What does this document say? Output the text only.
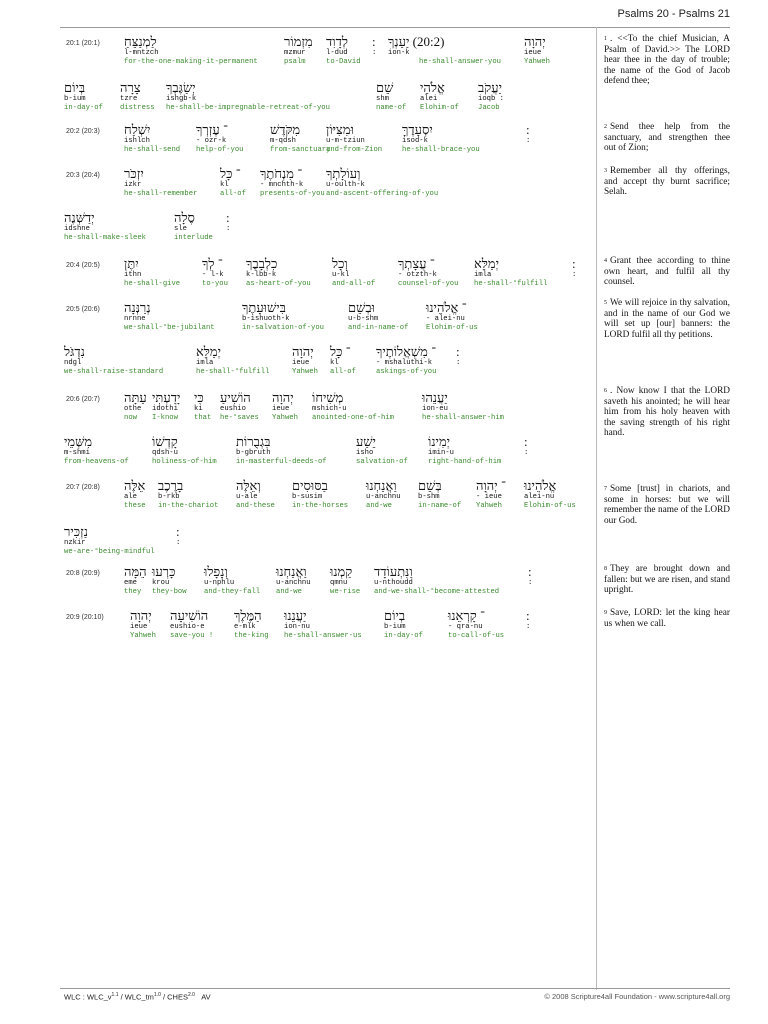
Psalms 20 - Psalms 21
20:1 (20:1) לַמְנַצֵּחַ
l-mntzch
for-the-one-making-it-permanent
מִזְמוֹר
mzmur
psalm
לְדָוִד
l-dud
to-David
:
:
(20:2) יַעַנְךָ
ion-k
he-shall-answer-you
יְהוָה
ieue
Yahweh
בְּיוֹם
b-ium
in-day-of
צָרָה
tzre
distress
יְשַׂגֶּבְךָ
ishgb-k
he-shall-be-impregnable-retreat-of-you
שֵׁם
shm
name-of
אֱלֹהֵי
alei
Elohim-of
יַעֲקֹב
ioqb :
Jacob
20:2 (20:3) יִשְׁלַח
ishlch
he-shall-send
־ עֶזְרְךָ
- ozr-k
help-of-you
מִקֹּדֶשׁ
m-qdsh
from-sanctuary
וּמִצִּיּוֹן
u-m-tziun
and-from-Zion
יִסְעָדֶךָּ
isod-k
he-shall-brace-you
:
:
20:3 (20:4) יִזְכֹּר
izkr
he-shall-remember
־ כָּל
kl
all-of
־ מִנְחֹתֶךָ
- mnchth-k
presents-of-you
וְעוֹלָתְךָ
u-oulth-k
and-ascent-offering-of-you
יְדַשְּׁנֶה
idshne
he-shall-make-sleek
סֶלָה
sle
interlude
:
:
20:4 (20:5) יִתֶּן
ithn
he-shall-give
־ לְךָ
- l-k
to-you
כִלְבָבֶךָ
k-lbb-k
as-heart-of-you
וְכָל
u-kl
and-all-of
־ עֲצָתְךָ
- otzth-k
counsel-of-you
יְמַלֵּא
imla
he-shall-°fulfill
:
:
20:5 (20:6) נְרַנְּנָה
nrnne
we-shall-°be-jubilant
בִּישׁוּעָתֶךָ
b-ishuoth-k
in-salvation-of-you
וּבְשֵׁם
u-b-shm
and-in-name-of
־ אֱלֹהֵינוּ
- alei-nu
Elohim-of-us
נִדְגֹּל
ndgl
we-shall-raise-standard
יְמַלֵּא
imla
he-shall-°fulfill
יְהוָה
ieue
Yahweh
־ כָּל
kl
all-of
־ מִשְׁאֲלוֹתֶיךָ
- mshaluthi-k
askings-of-you
:
:
20:6 (20:7) עַתָּה
othe
now
יָדַעְתִּי
idothi
I-know
כִּי
ki
that
הוֹשִׁיעַ
eushio
he-°saves
יְהוָה
ieue
Yahweh
מְשִׁיחוֹ
mshich-u
anointed-one-of-him
יַעֲנֵהוּ
ion-eu
he-shall-answer-him
מִשְּׁמֵי
m-shmi
from-heavens-of
קָדְשׁוֹ
qdsh-u
holiness-of-him
בִּגְבֻרוֹת
b-gbruth
in-masterful-deeds-of
יֵשַׁע
isho
salvation-of
יְמִינוֹ
imin-u
right-hand-of-him
:
:
20:7 (20:8) אֵלֶּה
ale
these
בָרֶכֶב
b-rkb
in-the-chariot
וְאֵלֶּה
u-ale
and-these
בַסּוּסִים
b-susim
in-the-horses
וַאֲנַחְנוּ
u-anchnu
and-we
בְּשֵׁם
b-shm
in-name-of
־ יְהוָה
- ieue
Yahweh
אֱלֹהֵינוּ
alei-nu
Elohim-of-us
נַזְכִּיר
nzkir
we-are-°being-mindful
:
:
20:8 (20:9) הֵמָּה
eme
they
כָּרְעוּ
krou
they-bow
וְנָפָלוּ
u-nphlu
and-they-fall
וַאֲנַחְנוּ
u-anchnu
and-we
קַמְנוּ
qmnu
we-rise
וַנִּתְעוֹדָד
u-nthoudd
and-we-shall-°become-attested
:
:
20:9 (20:10) יְהוָה
ieue
Yahweh
הוֹשִׁיעָה
eushio-e
save-you !
הַמֶּלֶךְ
e-mlk
the-king
יַעֲנֵנוּ
ion-nu
he-shall-answer-us
בְיוֹם
b-ium
in-day-of
־ קָרְאֵנוּ
- qra-nu
to-call-of-us
:
:
$^1$ . <<To the chief Musician, A Psalm of David.>> The LORD hear thee in the day of trouble; the name of the God of Jacob defend thee;
$^2$ Send thee help from the sanctuary, and strengthen thee out of Zion;
$^3$ Remember all thy offerings, and accept thy burnt sacrifice; Selah.
$^4$ Grant thee according to thine own heart, and fulfil all thy counsel.
$^5$ We will rejoice in thy salvation, and in the name of our God we will set up [our] banners: the LORD fulfil all thy petitions.
$^6$ . Now know I that the LORD saveth his anointed; he will hear him from his holy heaven with the saving strength of his right hand.
$^7$ Some [trust] in chariots, and some in horses: but we will remember the name of the LORD our God.
$^8$ They are brought down and fallen: but we are risen, and stand upright.
$^9$ Save, LORD: let the king hear us when we call.
WLC : $WLC\_v^{1.1}$ / $WLC\_tm^{1.0}$ / $CHES^{2.0}$ AV	© 2008 Scripture4all Foundation - www.scripture4all.org
